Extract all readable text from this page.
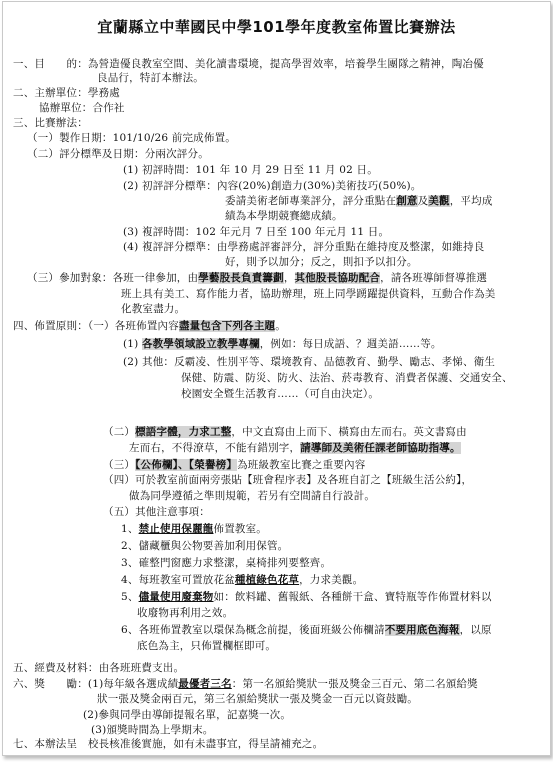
宜蘭縣立中華國民中學101學年度教室佈置比賽辦法
一、目　　的：為營造優良教室空間、美化讀書環境，提高學習效率，培養學生團隊之精神，陶冶優
良品行，特訂本辦法。
二、主辦單位：學務處
協辦單位：合作社
三、比賽辦法：
（一）製作日期：101/10/26 前完成佈置。
（二）評分標準及日期：分兩次評分。
(1) 初評時間：101 年 10 月 29 日至 11 月 02 日。
(2) 初評評分標準：內容(20%)創造力(30%)美術技巧(50%)。
委請美術老師專業評分，評分重點在創意及美觀，平均成
績為本學期競賽總成績。
(3) 複評時間：102 年元月 7 日至 100 年元月 11 日。
(4) 複評評分標準：由學務處評審評分，評分重點在維持度及整潔，如維持良
好，則予以加分；反之，則扣予以扣分。
（三）參加對象：各班一律參加，由學藝股長負責籌劃，其他股長協助配合，請各班導師督導推選
班上具有美工、寫作能力者，協助辦理，班上同學踴躍提供資料，互動合作為美
化教室盡力。
四、佈置原則：（一）各班佈置內容盡量包含下列各主題。
(1) 各教學領域設立教學專欄，例如：每日成語、？週美語……等。
(2) 其他：反霸凌、性別平等、環境教育、品德教育、勤學、勵志、孝悌、衛生
保健、防震、防災、防火、法治、菸毒教育、消費者保護、交通安全、
校園安全暨生活教育……（可自由決定）。
（二）標語字體，力求工整，中文直寫由上而下、橫寫由左而右。英文書寫由
左而右，不得潦草，不能有錯別字，請導師及美術任課老師協助指導。
（三）【公佈欄】、【榮譽榜】為班級教室比賽之重要內容
（四）可於教室前面兩旁張貼【班會程序表】及各班自訂之【班級生活公約】，
做為同學遵循之準則規範，若另有空間請自行設計。
（五）其他注意事項：
1、禁止使用保麗龍佈置教室。
2、儲藏櫃與公物要善加利用保管。
3、確整門窗應力求整潔，桌椅排列要整齊。
4、每班教室可置放花盆種植綠色花草，力求美觀。
5、儘量使用廢棄物如：飲料罐、舊報紙、各種餅干盒、寶特瓶等作佈置材料以
收廢物再利用之效。
6、各班佈置教室以環保為概念前提，後面班級公佈欄請不要用底色海報，以原
底色為主，只佈置欄框即可。
五、經費及材料：由各班班費支出。
六、獎　　勵：(1)每年級各選成績最優者三名：第一名頒給獎狀一張及獎金三百元、第二名頒給獎
狀一張及獎金兩百元，第三名頒給獎狀一張及獎金一百元以資鼓勵。
(2)參與同學由導師提報名單，記嘉獎一次。
(3)頒獎時間為上學期末。
七、本辦法呈　校長核准後實施，如有未盡事宜，得呈請補充之。
